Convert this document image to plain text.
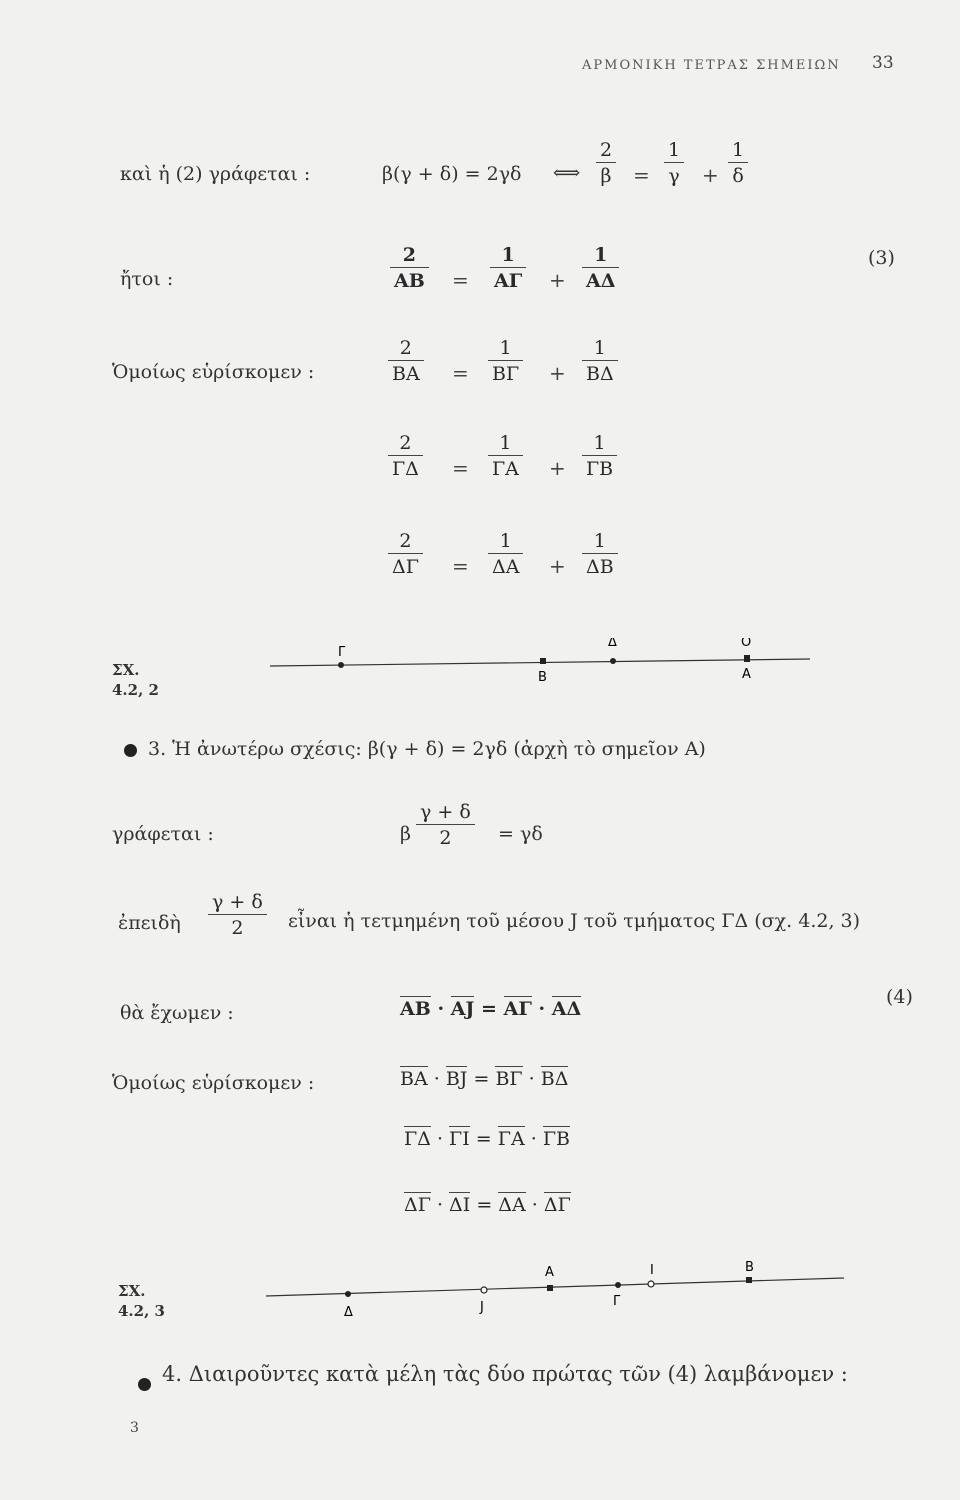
ΑΡΜΟΝΙΚΗ ΤΕΤΡΑΣ ΣΗΜΕΙΩΝ 33
καὶ ἡ (2) γράφεται :	β(γ + δ) = 2γδ ⟺ $\frac{2}{\beta} = \frac{1}{\gamma} + \frac{1}{\delta}$
ἤτοι :	$\frac{2}{AB} = \frac{1}{A\Gamma} + \frac{1}{A\Delta}$	(3)
Ὁμοίως εὑρίσκομεν :	$\frac{2}{BA} = \frac{1}{B\Gamma} + \frac{1}{B\Delta}$
$\frac{2}{\Gamma\Delta} = \frac{1}{\Gamma A} + \frac{1}{\Gamma B}$
$\frac{2}{\Delta\Gamma} = \frac{1}{\Delta A} + \frac{1}{\Delta B}$
ΣΧ.
4.2, 2
Γ
Β
Δ	Ο
Α
3. Ἡ ἀνωτέρω σχέσις: β(γ + δ) = 2γδ (ἀρχὴ τὸ σημεῖον Α)
γράφεται :	β $\frac{\gamma + \delta}{2} = \gamma\delta$
ἐπειδὴ $\frac{\gamma + \delta}{2}$ εἶναι ἡ τετμημένη τοῦ μέσου J τοῦ τμήματος ΓΔ (σχ. 4.2, 3)
θὰ ἔχωμεν :	ΑΒ · ΑJ = ΑΓ · ΑΔ
(4)
Ὁμοίως εὑρίσκομεν :	ΒΑ · ΒJ = ΒΓ · ΒΔ
ΓΔ · ΓΙ = ΓΑ · ΓΒ
ΔΓ · ΔΙ = ΔΑ · ΔΓ
ΣΧ.
4.2, 3	Δ	J
Α
Γ
Ι	Β
4. Διαιροῦντες κατὰ μέλη τὰς δύο πρώτας τῶν (4) λαμβάνομεν :
3
